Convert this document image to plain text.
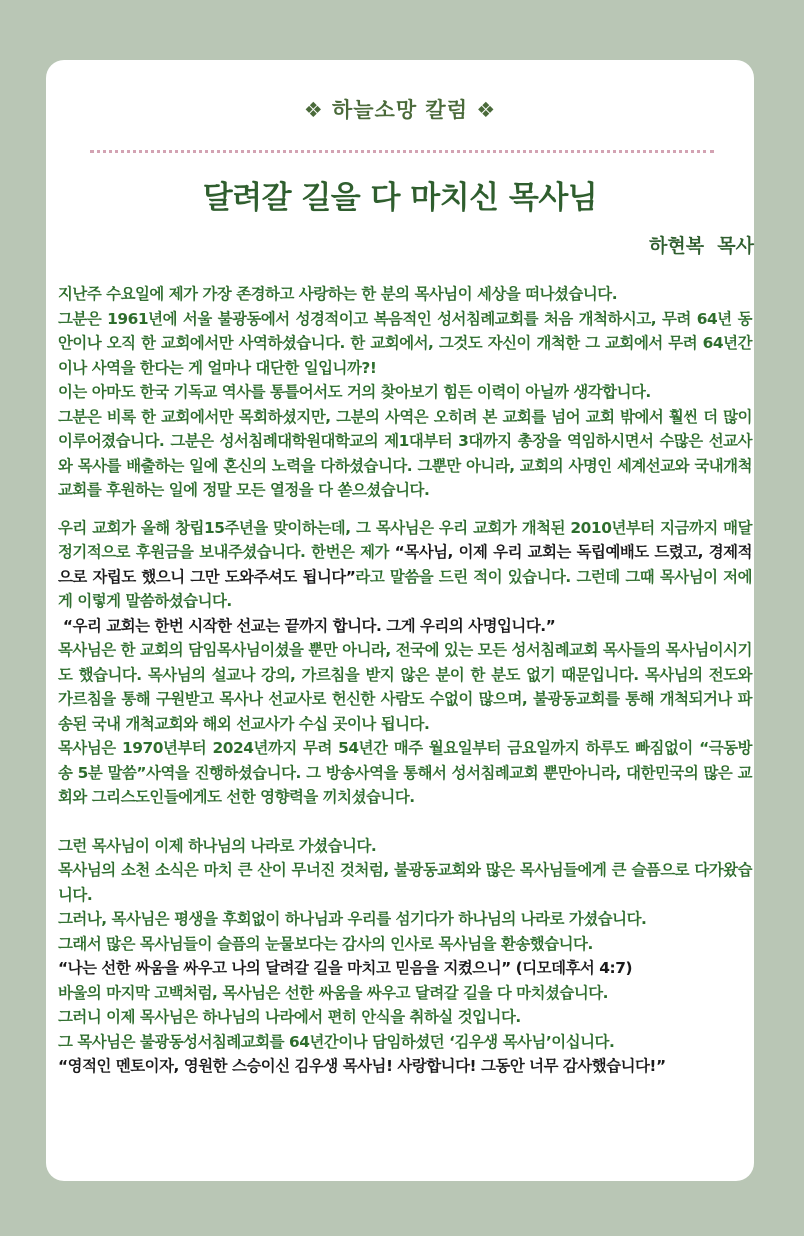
❖ 하늘소망 칼럼 ❖
달려갈 길을 다 마치신 목사님
하현복  목사

지난주 수요일에 제가 가장 존경하고 사랑하는 한 분의 목사님이 세상을 떠나셨습니다.

그분은 1961년에 서울 불광동에서 성경적이고 복음적인 성서침례교회를 처음 개척하시고, 무려 64년 동안이나 오직 한 교회에서만 사역하셨습니다. 한 교회에서, 그것도 자신이 개척한 그 교회에서 무려 64년간이나 사역을 한다는 게 얼마나 대단한 일입니까?!

이는 아마도 한국 기독교 역사를 통틀어서도 거의 찾아보기 힘든 이력이 아닐까 생각합니다.

그분은 비록 한 교회에서만 목회하셨지만, 그분의 사역은 오히려 본 교회를 넘어 교회 밖에서 훨씬 더 많이 이루어졌습니다. 그분은 성서침례대학원대학교의 제1대부터 3대까지 총장을 역임하시면서 수많은 선교사와 목사를 배출하는 일에 혼신의 노력을 다하셨습니다. 그뿐만 아니라, 교회의 사명인 세계선교와 국내개척교회를 후원하는 일에 정말 모든 열정을 다 쏟으셨습니다.

우리 교회가 올해 창립15주년을 맞이하는데, 그 목사님은 우리 교회가 개척된 2010년부터 지금까지 매달 정기적으로 후원금을 보내주셨습니다. 한번은 제가 “목사님, 이제 우리 교회는 독립예배도 드렸고, 경제적으로 자립도 했으니 그만 도와주셔도 됩니다”라고 말씀을 드린 적이 있습니다. 그런데 그때 목사님이 저에게 이렇게 말씀하셨습니다.

“우리 교회는 한번 시작한 선교는 끝까지 합니다. 그게 우리의 사명입니다.”

목사님은 한 교회의 담임목사님이셨을 뿐만 아니라, 전국에 있는 모든 성서침례교회 목사들의 목사님이시기도 했습니다. 목사님의 설교나 강의, 가르침을 받지 않은 분이 한 분도 없기 때문입니다. 목사님의 전도와 가르침을 통해 구원받고 목사나 선교사로 헌신한 사람도 수없이 많으며, 불광동교회를 통해 개척되거나 파송된 국내 개척교회와 해외 선교사가 수십 곳이나 됩니다.

목사님은 1970년부터 2024년까지 무려 54년간 매주 월요일부터 금요일까지 하루도 빠짐없이 “극동방송 5분 말씀”사역을 진행하셨습니다. 그 방송사역을 통해서 성서침례교회 뿐만아니라, 대한민국의 많은 교회와 그리스도인들에게도 선한 영향력을 끼치셨습니다.

그런 목사님이 이제 하나님의 나라로 가셨습니다.

목사님의 소천 소식은 마치 큰 산이 무너진 것처럼, 불광동교회와 많은 목사님들에게 큰 슬픔으로 다가왔습니다.

그러나, 목사님은 평생을 후회없이 하나님과 우리를 섬기다가 하나님의 나라로 가셨습니다.

그래서 많은 목사님들이 슬픔의 눈물보다는 감사의 인사로 목사님을 환송했습니다.

“나는 선한 싸움을 싸우고 나의 달려갈 길을 마치고 믿음을 지켰으니” (디모데후서 4:7)

바울의 마지막 고백처럼, 목사님은 선한 싸움을 싸우고 달려갈 길을 다 마치셨습니다.

그러니 이제 목사님은 하나님의 나라에서 편히 안식을 취하실 것입니다.

그 목사님은 불광동성서침례교회를 64년간이나 담임하셨던 ‘김우생 목사님’이십니다.

“영적인 멘토이자, 영원한 스승이신 김우생 목사님! 사랑합니다! 그동안 너무 감사했습니다!”
